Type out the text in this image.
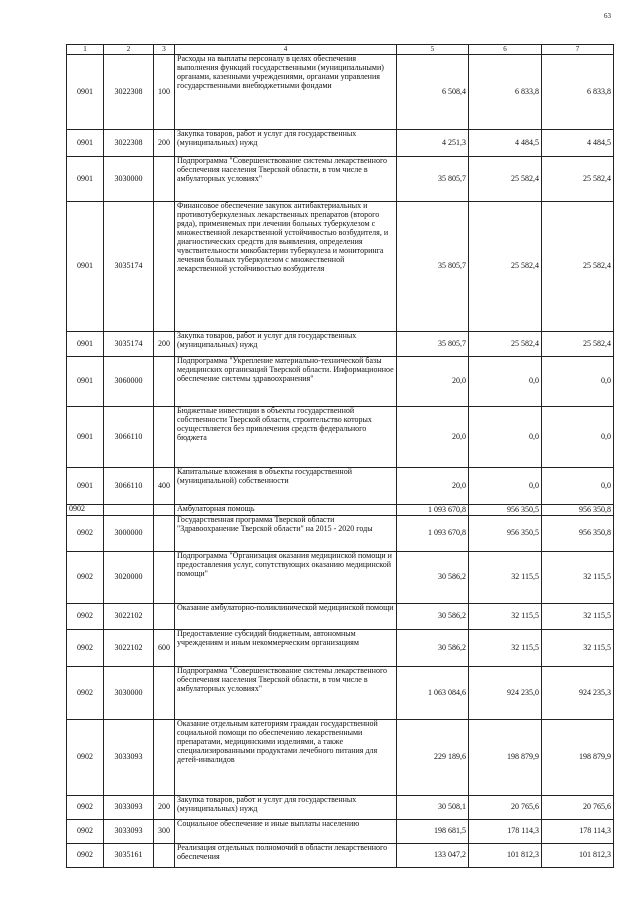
63
1	2	3	4	5	6	7
0901	3022308	100	Расходы на выплаты персоналу в целях обеспечения выполнения функций государственными (муниципальными) органами, казенными учреждениями, органами управления государственными внебюджетными фондами	6 508,4	6 833,8	6 833,8
0901	3022308	200	Закупка товаров, работ и услуг для государственных (муниципальных) нужд	4 251,3	4 484,5	4 484,5
0901	3030000		Подпрограмма "Совершенствование системы лекарственного обеспечения населения Тверской области, в том числе в амбулаторных условиях"	35 805,7	25 582,4	25 582,4
0901	3035174		Финансовое обеспечение закупок антибактериальных и противотуберкулезных лекарственных препаратов (второго ряда), применяемых при лечении больных туберкулезом с множественной лекарственной устойчивостью возбудителя, и диагностических средств для выявления, определения чувствительности микобактерии туберкулеза и мониторинга лечения больных туберкулезом с множественной лекарственной устойчивостью возбудителя	35 805,7	25 582,4	25 582,4
0901	3035174	200	Закупка товаров, работ и услуг для государственных (муниципальных) нужд	35 805,7	25 582,4	25 582,4
0901	3060000		Подпрограмма "Укрепление материально-технической базы медицинских организаций Тверской области. Информационное обеспечение системы здравоохранения"	20,0	0,0	0,0
0901	3066110		Бюджетные инвестиции в объекты государственной собственности Тверской области, строительство которых осуществляется без привлечения средств федерального бюджета	20,0	0,0	0,0
0901	3066110	400	Капитальные вложения в объекты государственной (муниципальной) собственности	20,0	0,0	0,0
0902			Амбулаторная помощь	1 093 670,8	956 350,5	956 350,8
0902	3000000		Государственная программа Тверской области "Здравоохранение Тверской области" на 2015 - 2020 годы	1 093 670,8	956 350,5	956 350,8
0902	3020000		Подпрограмма "Организация оказания медицинской помощи и предоставления услуг, сопутствующих оказанию медицинской помощи"	30 586,2	32 115,5	32 115,5
0902	3022102		Оказание амбулаторно-поликлинической медицинской помощи	30 586,2	32 115,5	32 115,5
0902	3022102	600	Предоставление субсидий бюджетным, автономным учреждениям и иным некоммерческим организациям	30 586,2	32 115,5	32 115,5
0902	3030000		Подпрограмма "Совершенствование системы лекарственного обеспечения населения Тверской области, в том числе в амбулаторных условиях"	1 063 084,6	924 235,0	924 235,3
0902	3033093		Оказание отдельным категориям граждан государственной социальной помощи по обеспечению лекарственными препаратами, медицинскими изделиями, а также специализированными продуктами лечебного питания для детей-инвалидов	229 189,6	198 879,9	198 879,9
0902	3033093	200	Закупка товаров, работ и услуг для государственных (муниципальных) нужд	30 508,1	20 765,6	20 765,6
0902	3033093	300	Социальное обеспечение и иные выплаты населению	198 681,5	178 114,3	178 114,3
0902	3035161		Реализация отдельных полномочий в области лекарственного обеспечения	133 047,2	101 812,3	101 812,3
